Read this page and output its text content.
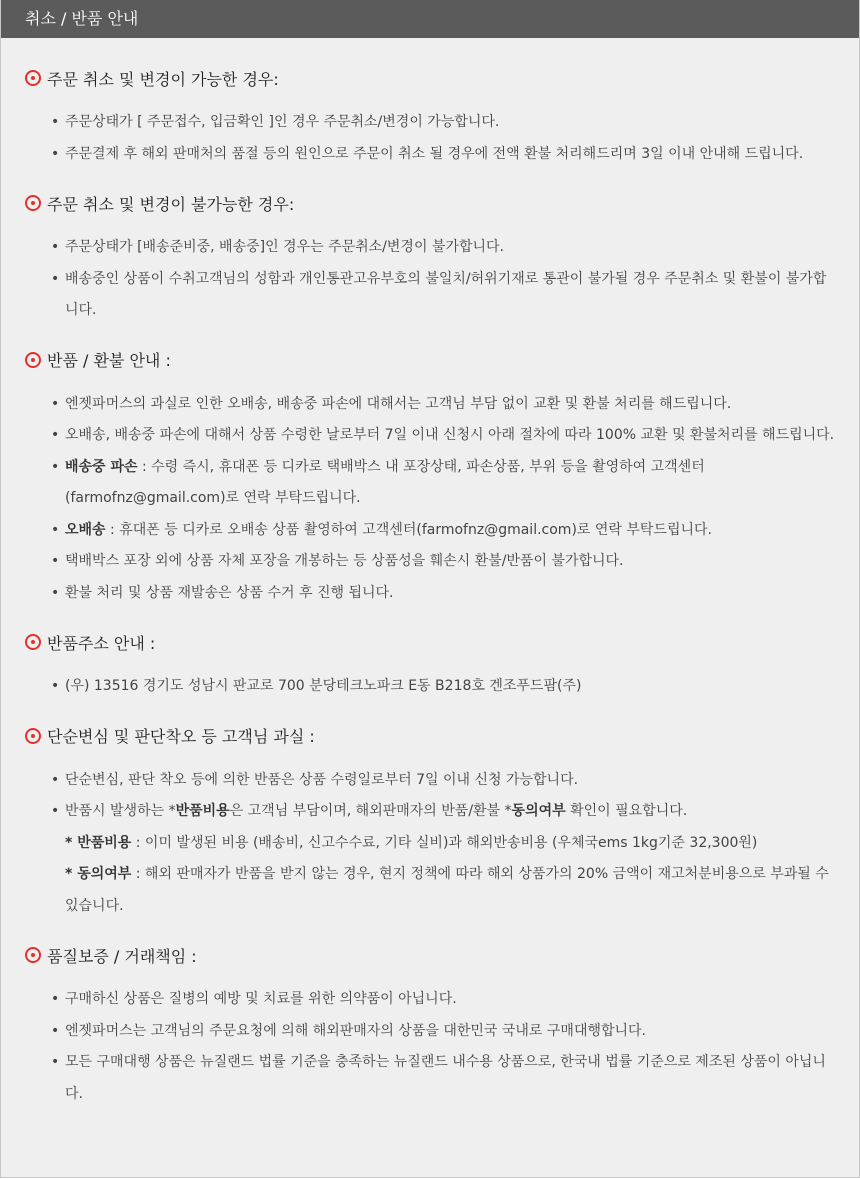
취소 / 반품 안내
주문 취소 및 변경이 가능한 경우:
• 주문상태가 [ 주문접수, 입금확인 ]인 경우 주문취소/변경이 가능합니다.
• 주문결제 후 해외 판매처의 품절 등의 원인으로 주문이 취소 될 경우에 전액 환불 처리해드리며 3일 이내 안내해 드립니다.
주문 취소 및 변경이 불가능한 경우:
• 주문상태가 [배송준비중, 배송중]인 경우는 주문취소/변경이 불가합니다.
• 배송중인 상품이 수취고객님의 성함과 개인통관고유부호의 불일치/허위기재로 통관이 불가될 경우 주문취소 및 환불이 불가합니다.
반품 / 환불 안내 :
• 엔젯파머스의 과실로 인한 오배송, 배송중 파손에 대해서는 고객님 부담 없이 교환 및 환불 처리를 해드립니다.
• 오배송, 배송중 파손에 대해서 상품 수령한 날로부터 7일 이내 신청시 아래 절차에 따라 100% 교환 및 환불처리를 해드립니다.
• 배송중 파손 : 수령 즉시, 휴대폰 등 디카로 택배박스 내 포장상태, 파손상품, 부위 등을 촬영하여 고객센터(farmofnz@gmail.com)로 연락 부탁드립니다.
• 오배송 : 휴대폰 등 디카로 오배송 상품 촬영하여 고객센터(farmofnz@gmail.com)로 연락 부탁드립니다.
• 택배박스 포장 외에 상품 자체 포장을 개봉하는 등 상품성을 훼손시 환불/반품이 불가합니다.
• 환불 처리 및 상품 재발송은 상품 수거 후 진행 됩니다.
반품주소 안내 :
• (우) 13516 경기도 성남시 판교로 700 분당테크노파크 E동 B218호 겐조푸드팜(주)
단순변심 및 판단착오 등 고객님 과실 :
• 단순변심, 판단 착오 등에 의한 반품은 상품 수령일로부터 7일 이내 신청 가능합니다.
• 반품시 발생하는 *반품비용은 고객님 부담이며, 해외판매자의 반품/환불 *동의여부 확인이 필요합니다.
* 반품비용 : 이미 발생된 비용 (배송비, 신고수수료, 기타 실비)과 해외반송비용 (우체국ems 1kg기준 32,300원)
* 동의여부 : 해외 판매자가 반품을 받지 않는 경우, 현지 정책에 따라 해외 상품가의 20% 금액이 재고처분비용으로 부과될 수 있습니다.
품질보증 / 거래책임 :
• 구매하신 상품은 질병의 예방 및 치료를 위한 의약품이 아닙니다.
• 엔젯파머스는 고객님의 주문요청에 의해 해외판매자의 상품을 대한민국 국내로 구매대행합니다.
• 모든 구매대행 상품은 뉴질랜드 법률 기준을 충족하는 뉴질랜드 내수용 상품으로, 한국내 법률 기준으로 제조된 상품이 아닙니다.
